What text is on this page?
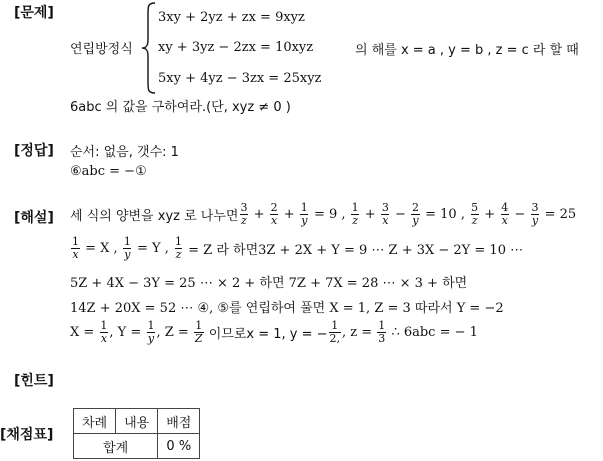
[문제]
[정답]
[해설]
[힌트]
[채점표]
연립방정식
3xy + 2yz + zx = 9xyz
xy + 3yz − 2zx = 10xyz
5xy + 4yz − 3zx = 25xyz
의 해를 x = a , y = b , z = c 라 할 때
6abc 의 값을 구하여라.(단, xyz ≠ 0 )
순서: 없음, 갯수: 1
⑥abc = −①
세 식의 양변을 xyz 로 나누면 $\frac{3}{z} + \frac{2}{x} + \frac{1}{y}$
= 9 ,
$\frac{1}{z} + \frac{3}{x} - \frac{2}{y}$
= 10 ,
$\frac{5}{z} + \frac{4}{x} - \frac{3}{y}$
= 25
$\frac{1}{x}$
= X ,
$\frac{1}{y}$
= Y ,
$\frac{1}{z}$
= Z 라 하면3Z + 2X + Y = 9 ⋯ Z + 3X − 2Y = 10 ⋯
5Z + 4X − 3Y = 25 ⋯ × 2 + 하면 7Z + 7X = 28 ⋯ × 3 + 하면
14Z + 20X = 52 ⋯ ④, ⑤를 연립하여 풀면 X = 1, Z = 3 따라서 Y = −2
X =
$\frac{1}{x}$ , Y =
$\frac{1}{y}$ , Z =
$\frac{1}{Z}$
이므로x = 1, y = − $\frac{1}{2,}$ , z =
$\frac{1}{3}$
∴ 6abc = − 1
차례	내용	배점
합계		0 %
